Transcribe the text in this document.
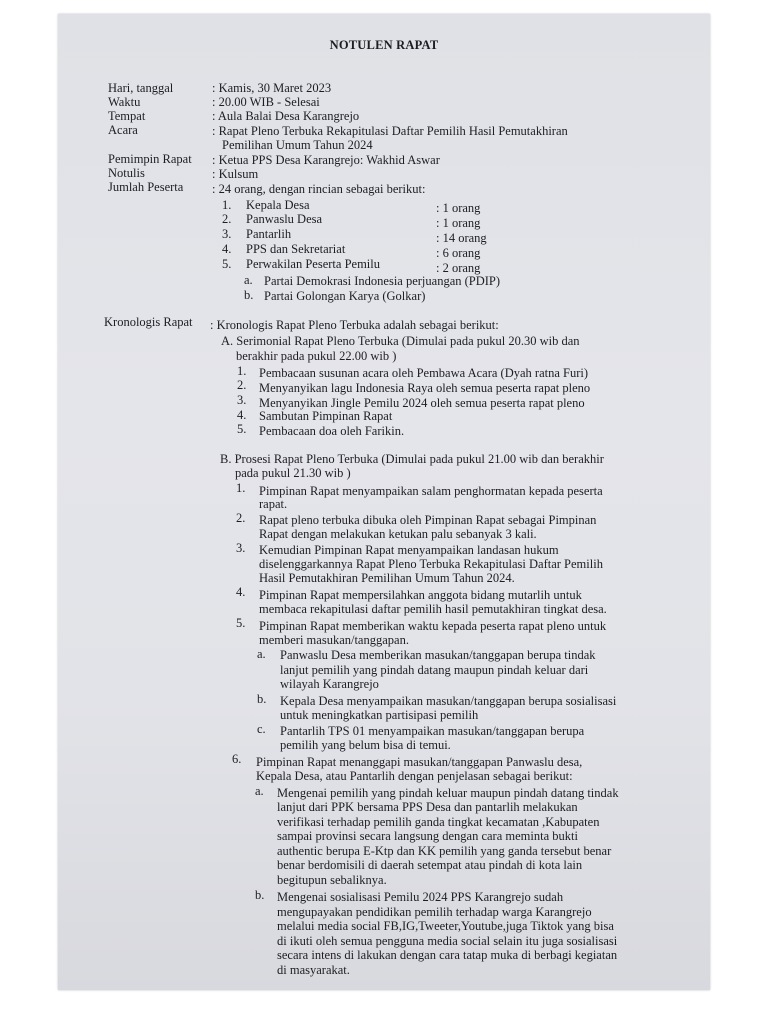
NOTULEN RAPAT
Hari, tanggal	: Kamis, 30 Maret 2023
Waktu	: 20.00 WIB - Selesai
Tempat	: Aula Balai Desa Karangrejo
Acara	: Rapat Pleno Terbuka Rekapitulasi Daftar Pemilih Hasil Pemutakhiran
Pemilihan Umum Tahun 2024
Pemimpin Rapat : Ketua PPS Desa Karangrejo: Wakhid Aswar
Notulis	: Kulsum
Jumlah Peserta : 24 orang, dengan rincian sebagai berikut:
1. Kepala Desa	: 1 orang
2. Panwaslu Desa	: 1 orang
3. Pantarlih	: 14 orang
4. PPS dan Sekretariat	: 6 orang
5. Perwakilan Peserta Pemilu	: 2 orang
a. Partai Demokrasi Indonesia perjuangan (PDIP)
b. Partai Golongan Karya (Golkar)
Kronologis Rapat : Kronologis Rapat Pleno Terbuka adalah sebagai berikut:
A. Serimonial Rapat Pleno Terbuka (Dimulai pada pukul 20.30 wib dan
berakhir pada pukul 22.00 wib )
1. Pembacaan susunan acara oleh Pembawa Acara (Dyah ratna Furi)
2. Menyanyikan lagu Indonesia Raya oleh semua peserta rapat pleno
3. Menyanyikan Jingle Pemilu 2024 oleh semua peserta rapat pleno
4. Sambutan Pimpinan Rapat
5. Pembacaan doa oleh Farikin.
B. Prosesi Rapat Pleno Terbuka (Dimulai pada pukul 21.00 wib dan berakhir
pada pukul 21.30 wib )
1. Pimpinan Rapat menyampaikan salam penghormatan kepada peserta
rapat.
2. Rapat pleno terbuka dibuka oleh Pimpinan Rapat sebagai Pimpinan
Rapat dengan melakukan ketukan palu sebanyak 3 kali.
3. Kemudian Pimpinan Rapat menyampaikan landasan hukum
diselenggarkannya Rapat Pleno Terbuka Rekapitulasi Daftar Pemilih
Hasil Pemutakhiran Pemilihan Umum Tahun 2024.
4. Pimpinan Rapat mempersilahkan anggota bidang mutarlih untuk
membaca rekapitulasi daftar pemilih hasil pemutakhiran tingkat desa.
5. Pimpinan Rapat memberikan waktu kepada peserta rapat pleno untuk
memberi masukan/tanggapan.
a. Panwaslu Desa memberikan masukan/tanggapan berupa tindak
lanjut pemilih yang pindah datang maupun pindah keluar dari
wilayah Karangrejo
b. Kepala Desa menyampaikan masukan/tanggapan berupa sosialisasi
untuk meningkatkan partisipasi pemilih
c. Pantarlih TPS 01 menyampaikan masukan/tanggapan berupa
pemilih yang belum bisa di temui.
6. Pimpinan Rapat menanggapi masukan/tanggapan Panwaslu desa,
Kepala Desa, atau Pantarlih dengan penjelasan sebagai berikut:
a. Mengenai pemilih yang pindah keluar maupun pindah datang tindak
lanjut dari PPK bersama PPS Desa dan pantarlih melakukan
verifikasi terhadap pemilih ganda tingkat kecamatan ,Kabupaten
sampai provinsi secara langsung dengan cara meminta bukti
authentic berupa E-Ktp dan KK pemilih yang ganda tersebut benar
benar berdomisili di daerah setempat atau pindah di kota lain
begitupun sebaliknya.
b. Mengenai sosialisasi Pemilu 2024 PPS Karangrejo sudah
mengupayakan pendidikan pemilih terhadap warga Karangrejo
melalui media social FB,IG,Tweeter,Youtube,juga Tiktok yang bisa
di ikuti oleh semua pengguna media social selain itu juga sosialisasi
secara intens di lakukan dengan cara tatap muka di berbagi kegiatan
di masyarakat.
